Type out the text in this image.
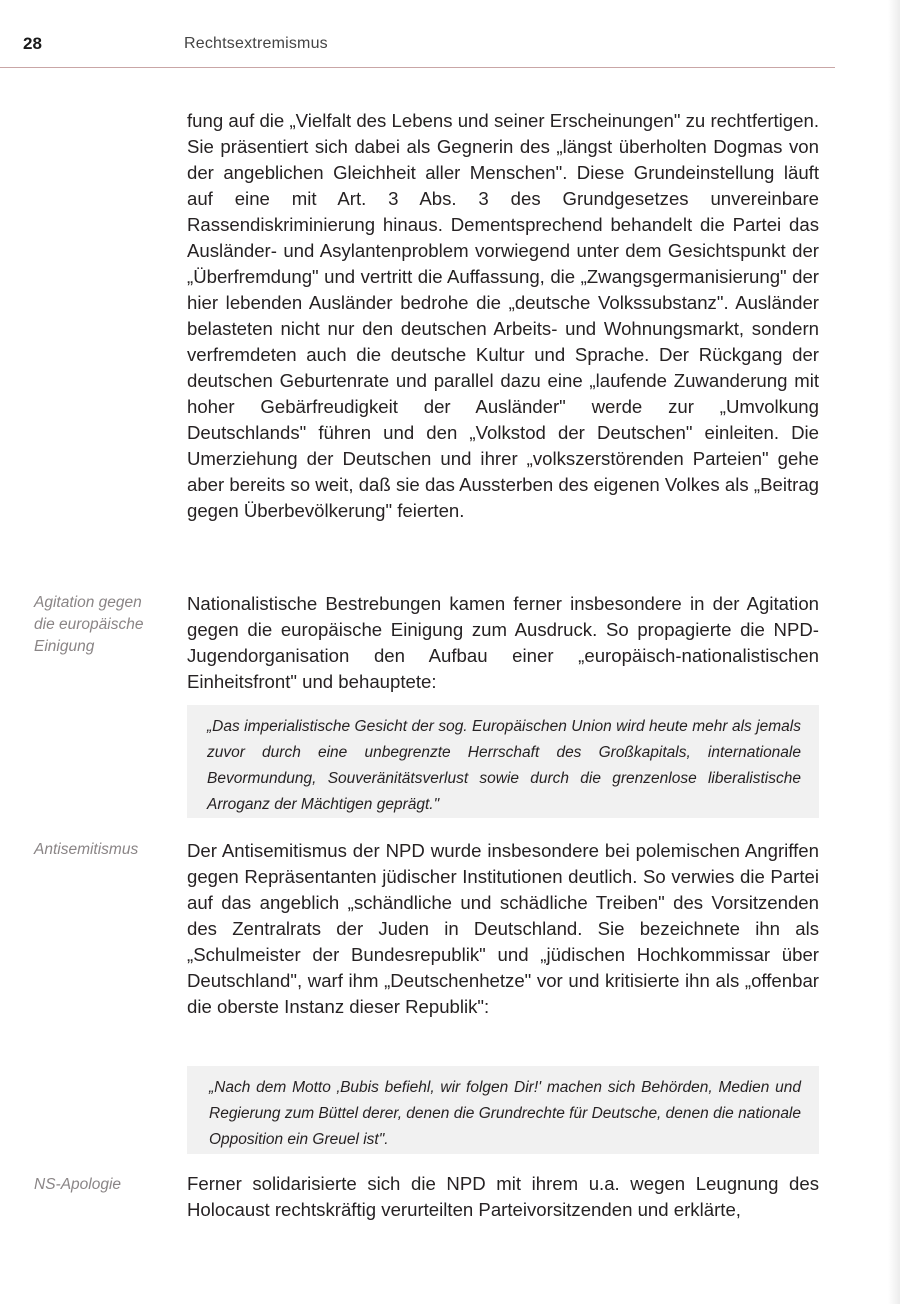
28	Rechtsextremismus

fung auf die „Vielfalt des Lebens und seiner Erscheinungen" zu rechtfertigen. Sie präsentiert sich dabei als Gegnerin des „längst überholten Dogmas von der angeblichen Gleichheit aller Menschen". Diese Grundeinstellung läuft auf eine mit Art. 3 Abs. 3 des Grundgesetzes unvereinbare Rassendiskriminierung hinaus. Dementsprechend behandelt die Partei das Ausländer- und Asylantenproblem vorwiegend unter dem Gesichtspunkt der „Überfremdung" und vertritt die Auffassung, die „Zwangsgermanisierung" der hier lebenden Ausländer bedrohe die „deutsche Volkssubstanz". Ausländer belasteten nicht nur den deutschen Arbeits- und Wohnungsmarkt, sondern verfremdeten auch die deutsche Kultur und Sprache. Der Rückgang der deutschen Geburtenrate und parallel dazu eine „laufende Zuwanderung mit hoher Gebärfreudigkeit der Ausländer" werde zur „Umvolkung Deutschlands" führen und den „Volkstod der Deutschen" einleiten. Die Umerziehung der Deutschen und ihrer „volkszerstörenden Parteien" gehe aber bereits so weit, daß sie das Aussterben des eigenen Volkes als „Beitrag gegen Überbevölkerung" feierten.

Agitation gegen die europäische Einigung

Nationalistische Bestrebungen kamen ferner insbesondere in der Agitation gegen die europäische Einigung zum Ausdruck. So propagierte die NPD-Jugendorganisation den Aufbau einer „europäisch-nationalistischen Einheitsfront" und behauptete:

„Das imperialistische Gesicht der sog. Europäischen Union wird heute mehr als jemals zuvor durch eine unbegrenzte Herrschaft des Großkapitals, internationale Bevormundung, Souveränitätsverlust sowie durch die grenzenlose liberalistische Arroganz der Mächtigen geprägt."

Antisemitismus	Der Antisemitismus der NPD wurde insbesondere bei polemischen Angriffen gegen Repräsentanten jüdischer Institutionen deutlich. So verwies die Partei auf das angeblich „schändliche und schädliche Treiben" des Vorsitzenden des Zentralrats der Juden in Deutschland. Sie bezeichnete ihn als „Schulmeister der Bundesrepublik" und „jüdischen Hochkommissar über Deutschland", warf ihm „Deutschenhetze" vor und kritisierte ihn als „offenbar die oberste Instanz dieser Republik":

„Nach dem Motto ‚Bubis befiehl, wir folgen Dir!' machen sich Behörden, Medien und Regierung zum Büttel derer, denen die Grundrechte für Deutsche, denen die nationale Opposition ein Greuel ist".

NS-Apologie	Ferner solidarisierte sich die NPD mit ihrem u.a. wegen Leugnung des Holocaust rechtskräftig verurteilten Parteivorsitzenden und erklärte,
